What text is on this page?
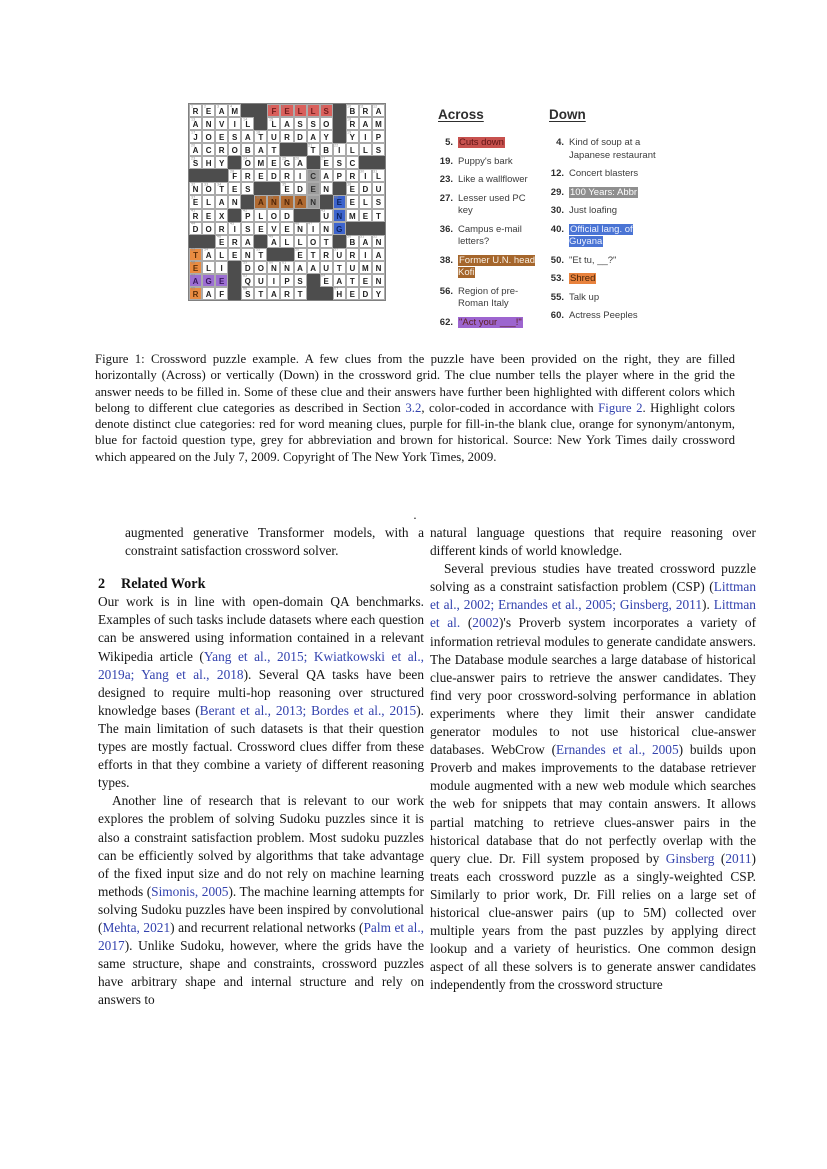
1
R
2
E
3
A
4
M
5
F
6
E
7
L
8
L
9
S
10
B
11
R
12
A
13
A N V I
14
L
15
L A S S O
16
R A M
17
J O E S A
18
T U R D A Y
19
Y I P
20
A C R O B A T
21
T B
22
I L L S
23
S H Y
24
O M E
25
G
26
A
27
E S C
28
F R E D R I
29
C A P R
30
I
31
L
32
N
33
O
34
T E S
35
E D E N
36
E D U
37
E L A N
38
A
39
N N A N
40
E E L S
41
R E X
42
P L O D
43
U N M E T
44
D O R
45
I S E V E
46
N
47
I N G
48
E R A
49
A L L O T
50
B
51
A
52
N
53
T
54
A L E N
55
T
56
E T R
57
U R I A
58
E L I
59
D O
60
N
61
N A A U T U M N
62
A G E
63
Q U I P S
64
E A T E N
65
R A F
66
S T A R T
67
H E D Y
Across
5. Cuts down
19. Puppy's bark
23. Like a wallflower
27. Lesser used PC key
36. Campus e-mail letters?
38. Former U.N. head Kofi
56. Region of pre-Roman Italy
62. "Act your ___!"
Down
4. Kind of soup at a Japanese restaurant
12. Concert blasters
29. 100 Years: Abbr
30. Just loafing
40. Official lang. of Guyana
50. "Et tu, __?"
53. Shred
55. Talk up
60. Actress Peeples
Figure 1: Crossword puzzle example. A few clues from the puzzle have been provided on the right, they are filled horizontally (Across) or vertically (Down) in the crossword grid. The clue number tells the player where in the grid the answer needs to be filled in. Some of these clue and their answers have further been highlighted with different colors which belong to different clue categories as described in Section 3.2, color-coded in accordance with Figure 2. Highlight colors denote distinct clue categories: red for word meaning clues, purple for fill-in-the blank clue, orange for synonym/antonym, blue for factoid question type, grey for abbreviation and brown for historical. Source: New York Times daily crossword which appeared on the July 7, 2009. Copyright of The New York Times, 2009.
.
augmented generative Transformer models, with a constraint satisfaction crossword solver.
2	Related Work

Our work is in line with open-domain QA benchmarks. Examples of such tasks include datasets where each question can be answered using information contained in a relevant Wikipedia article (Yang et al., 2015; Kwiatkowski et al., 2019a; Yang et al., 2018). Several QA tasks have been designed to require multi-hop reasoning over structured knowledge bases (Berant et al., 2013; Bordes et al., 2015). The main limitation of such datasets is that their question types are mostly factual. Crossword clues differ from these efforts in that they combine a variety of different reasoning types.

Another line of research that is relevant to our work explores the problem of solving Sudoku puzzles since it is also a constraint satisfaction problem. Most sudoku puzzles can be efficiently solved by algorithms that take advantage of the fixed input size and do not rely on machine learning methods (Simonis, 2005). The machine learning attempts for solving Sudoku puzzles have been inspired by convolutional (Mehta, 2021) and recurrent relational networks (Palm et al., 2017). Unlike Sudoku, however, where the grids have the same structure, shape and constraints, crossword puzzles have arbitrary shape and internal structure and rely on answers to

natural language questions that require reasoning over different kinds of world knowledge.

Several previous studies have treated crossword puzzle solving as a constraint satisfaction problem (CSP) (Littman et al., 2002; Ernandes et al., 2005; Ginsberg, 2011). Littman et al. (2002)'s Proverb system incorporates a variety of information retrieval modules to generate candidate answers. The Database module searches a large database of historical clue-answer pairs to retrieve the answer candidates. They find very poor crossword-solving performance in ablation experiments where they limit their answer candidate generator modules to not use historical clue-answer databases. WebCrow (Ernandes et al., 2005) builds upon Proverb and makes improvements to the database retriever module augmented with a new web module which searches the web for snippets that may contain answers. It allows partial matching to retrieve clues-answer pairs in the historical database that do not perfectly overlap with the query clue. Dr. Fill system proposed by Ginsberg (2011) treats each crossword puzzle as a singly-weighted CSP. Similarly to prior work, Dr. Fill relies on a large set of historical clue-answer pairs (up to 5M) collected over multiple years from the past puzzles by applying direct lookup and a variety of heuristics. One common design aspect of all these solvers is to generate answer candidates independently from the crossword structure
